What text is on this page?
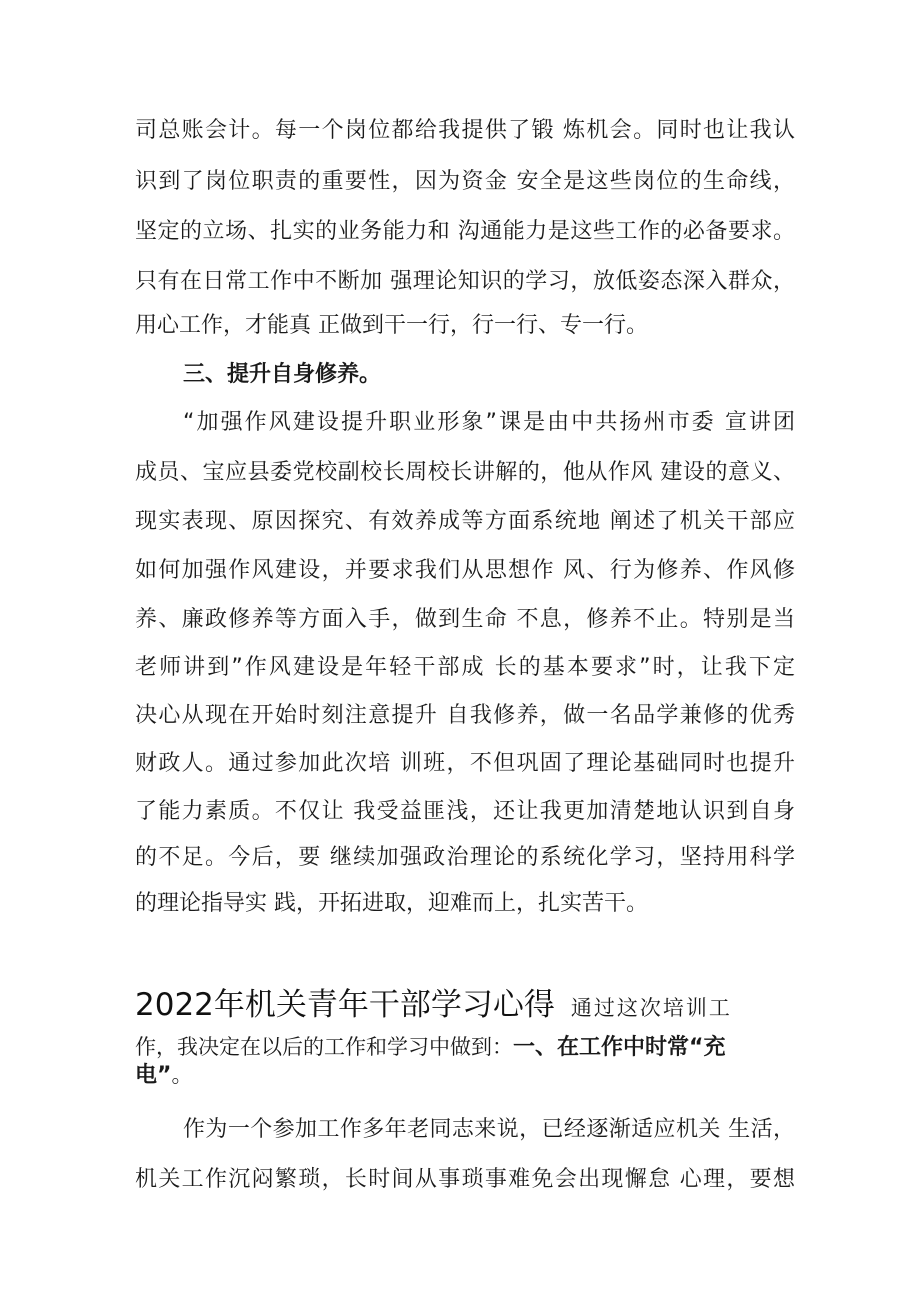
司总账会计。每一个岗位都给我提供了锻 炼机会。同时也让我认
识到了岗位职责的重要性，因为资金 安全是这些岗位的生命线，
坚定的立场、扎实的业务能力和 沟通能力是这些工作的必备要求。
只有在日常工作中不断加 强理论知识的学习，放低姿态深入群众，
用心工作，才能真 正做到干一行，行一行、专一行。
三、提升自身修养。
“加强作风建设提升职业形象”课是由中共扬州市委 宣讲团
成员、宝应县委党校副校长周校长讲解的，他从作风 建设的意义、
现实表现、原因探究、有效养成等方面系统地 阐述了机关干部应
如何加强作风建设，并要求我们从思想作 风、行为修养、作风修
养、廉政修养等方面入手，做到生命 不息，修养不止。特别是当
老师讲到”作风建设是年轻干部成 长的基本要求”时，让我下定
决心从现在开始时刻注意提升 自我修养，做一名品学兼修的优秀
财政人。通过参加此次培 训班，不但巩固了理论基础同时也提升
了能力素质。不仅让 我受益匪浅，还让我更加清楚地认识到自身
的不足。今后，要 继续加强政治理论的系统化学习，坚持用科学
的理论指导实 践，开拓进取，迎难而上，扎实苦干。
2022年机关青年干部学习心得 通过这次培训工
作，我决定在以后的工作和学习中做到：一、在工作中时常“充
电”。
作为一个参加工作多年老同志来说，已经逐渐适应机关 生活，
机关工作沉闷繁琐，长时间从事琐事难免会出现懈怠 心理，要想
